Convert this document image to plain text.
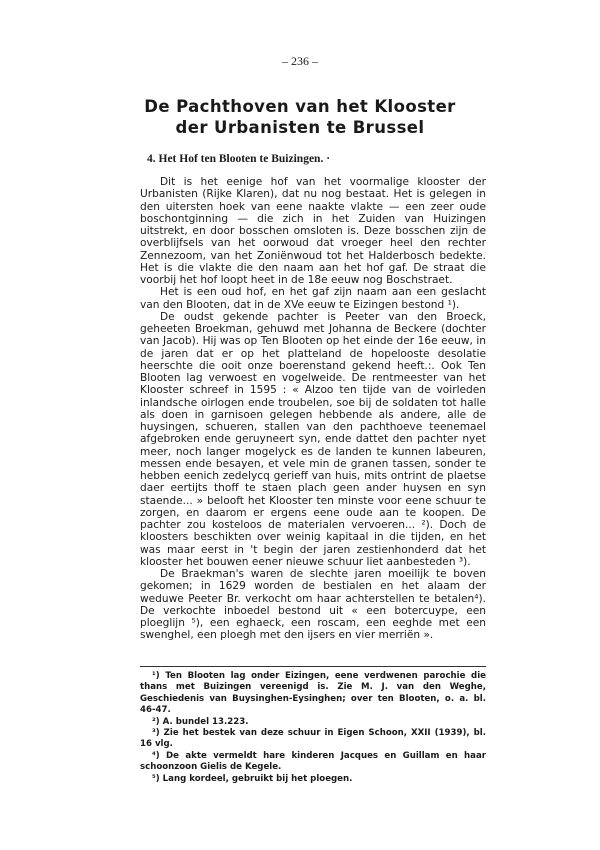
– 236 –
De Pachthoven van het Klooster
der Urbanisten te Brussel
4. Het Hof ten Blooten te Buizingen. ·

Dit is het eenige hof van het voormalige klooster der Urbanisten (Rijke Klaren), dat nu nog bestaat. Het is gelegen in den uitersten hoek van eene naakte vlakte — een zeer oude boschontginning — die zich in het Zuiden van Huizingen uitstrekt, en door bosschen omsloten is. Deze bosschen zijn de overblijfsels van het oorwoud dat vroeger heel den rechter Zennezoom, van het Zoniënwoud tot het Halderbosch bedekte. Het is die vlakte die den naam aan het hof gaf. De straat die voorbij het hof loopt heet in de 18e eeuw nog Boschstraet.

Het is een oud hof, en het gaf zijn naam aan een geslacht van den Blooten, dat in de XVe eeuw te Eizingen bestond ¹).

De oudst gekende pachter is Peeter van den Broeck, geheeten Broekman, gehuwd met Johanna de Beckere (dochter van Jacob). Hij was op Ten Blooten op het einde der 16e eeuw, in de jaren dat er op het platteland de hopelooste desolatie heerschte die ooit onze boerenstand gekend heeft.:. Ook Ten Blooten lag verwoest en vogelweide. De rentmeester van het Klooster schreef in 1595 : « Alzoo ten tijde van de voirleden inlandsche oirlogen ende troubelen, soe bij de soldaten tot halle als doen in garnisoen gelegen hebbende als andere, alle de huysingen, schueren, stallen van den pachthoeve teenemael afgebroken ende geruyneert syn, ende dattet den pachter nyet meer, noch langer mogelyck es de landen te kunnen labeuren, messen ende besayen, et vele min de granen tassen, sonder te hebben eenich zedelycq gerieff van huis, mits ontrint de plaetse daer eertijts thoff te staen plach geen ander huysen en syn staende... » belooft het Klooster ten minste voor eene schuur te zorgen, en daarom er ergens eene oude aan te koopen. De pachter zou kosteloos de materialen vervoeren... ²). Doch de kloosters beschikten over weinig kapitaal in die tijden, en het was maar eerst in 't begin der jaren zestienhonderd dat het klooster het bouwen eener nieuwe schuur liet aanbesteden ³).

De Braekman's waren de slechte jaren moeilijk te boven gekomen; in 1629 worden de bestialen en het alaam der weduwe Peeter Br. verkocht om haar achterstellen te betalen⁴). De verkochte inboedel bestond uit « een botercuype, een ploeglijn ⁵), een eghaeck, een roscam, een eeghde met een swenghel, een ploegh met den ijsers en vier merriën ».

¹) Ten Blooten lag onder Eizingen, eene verdwenen parochie die thans met Buizingen vereenigd is. Zie M. J. van den Weghe, Geschiedenis van Buysinghen-Eysinghen; over ten Blooten, o. a. bl. 46-47.

²) A. bundel 13.223.

³) Zie het bestek van deze schuur in Eigen Schoon, XXII (1939), bl. 16 vlg.

⁴) De akte vermeldt hare kinderen Jacques en Guillam en haar schoonzoon Gielis de Kegele.

⁵) Lang kordeel, gebruikt bij het ploegen.
